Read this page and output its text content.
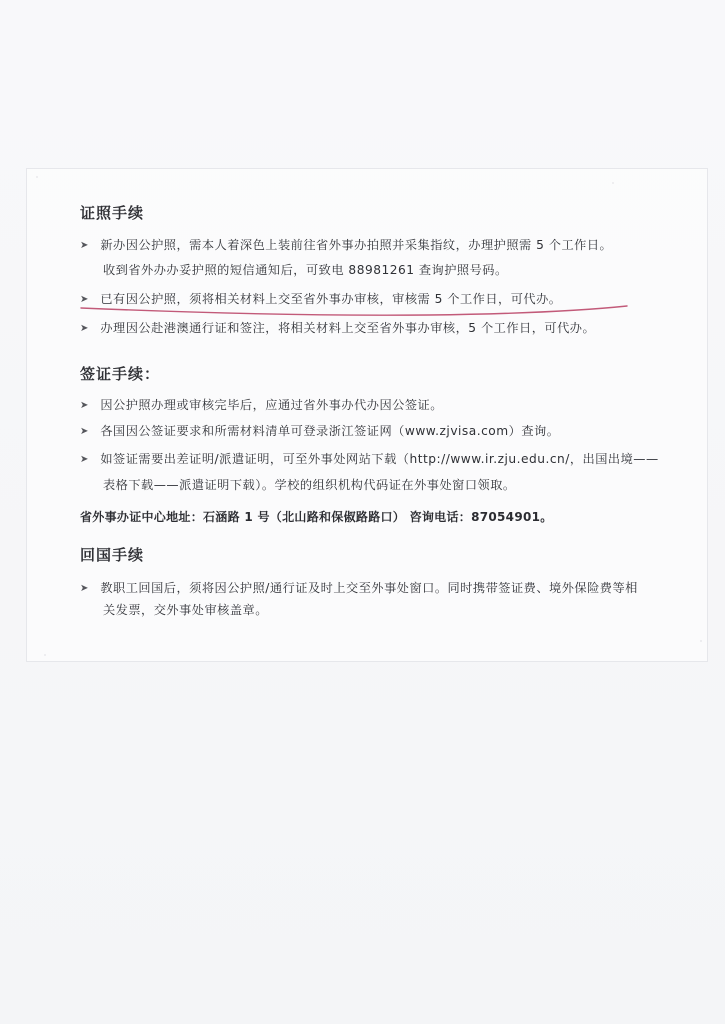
证照手续
➤ 新办因公护照，需本人着深色上装前往省外事办拍照并采集指纹，办理护照需 5 个工作日。
收到省外办办妥护照的短信通知后，可致电 88981261 查询护照号码。
➤ 已有因公护照，须将相关材料上交至省外事办审核，审核需 5 个工作日，可代办。
➤ 办理因公赴港澳通行证和签注，将相关材料上交至省外事办审核，5 个工作日，可代办。
签证手续：
➤ 因公护照办理或审核完毕后，应通过省外事办代办因公签证。
➤ 各国因公签证要求和所需材料清单可登录浙江签证网（www.zjvisa.com）查询。
➤ 如签证需要出差证明/派遣证明，可至外事处网站下载（http://www.ir.zju.edu.cn/，出国出境——
表格下载——派遣证明下载）。学校的组织机构代码证在外事处窗口领取。
省外事办证中心地址：石涵路 1 号（北山路和保俶路路口） 咨询电话：87054901。
回国手续
➤ 教职工回国后，须将因公护照/通行证及时上交至外事处窗口。同时携带签证费、境外保险费等相
关发票，交外事处审核盖章。
